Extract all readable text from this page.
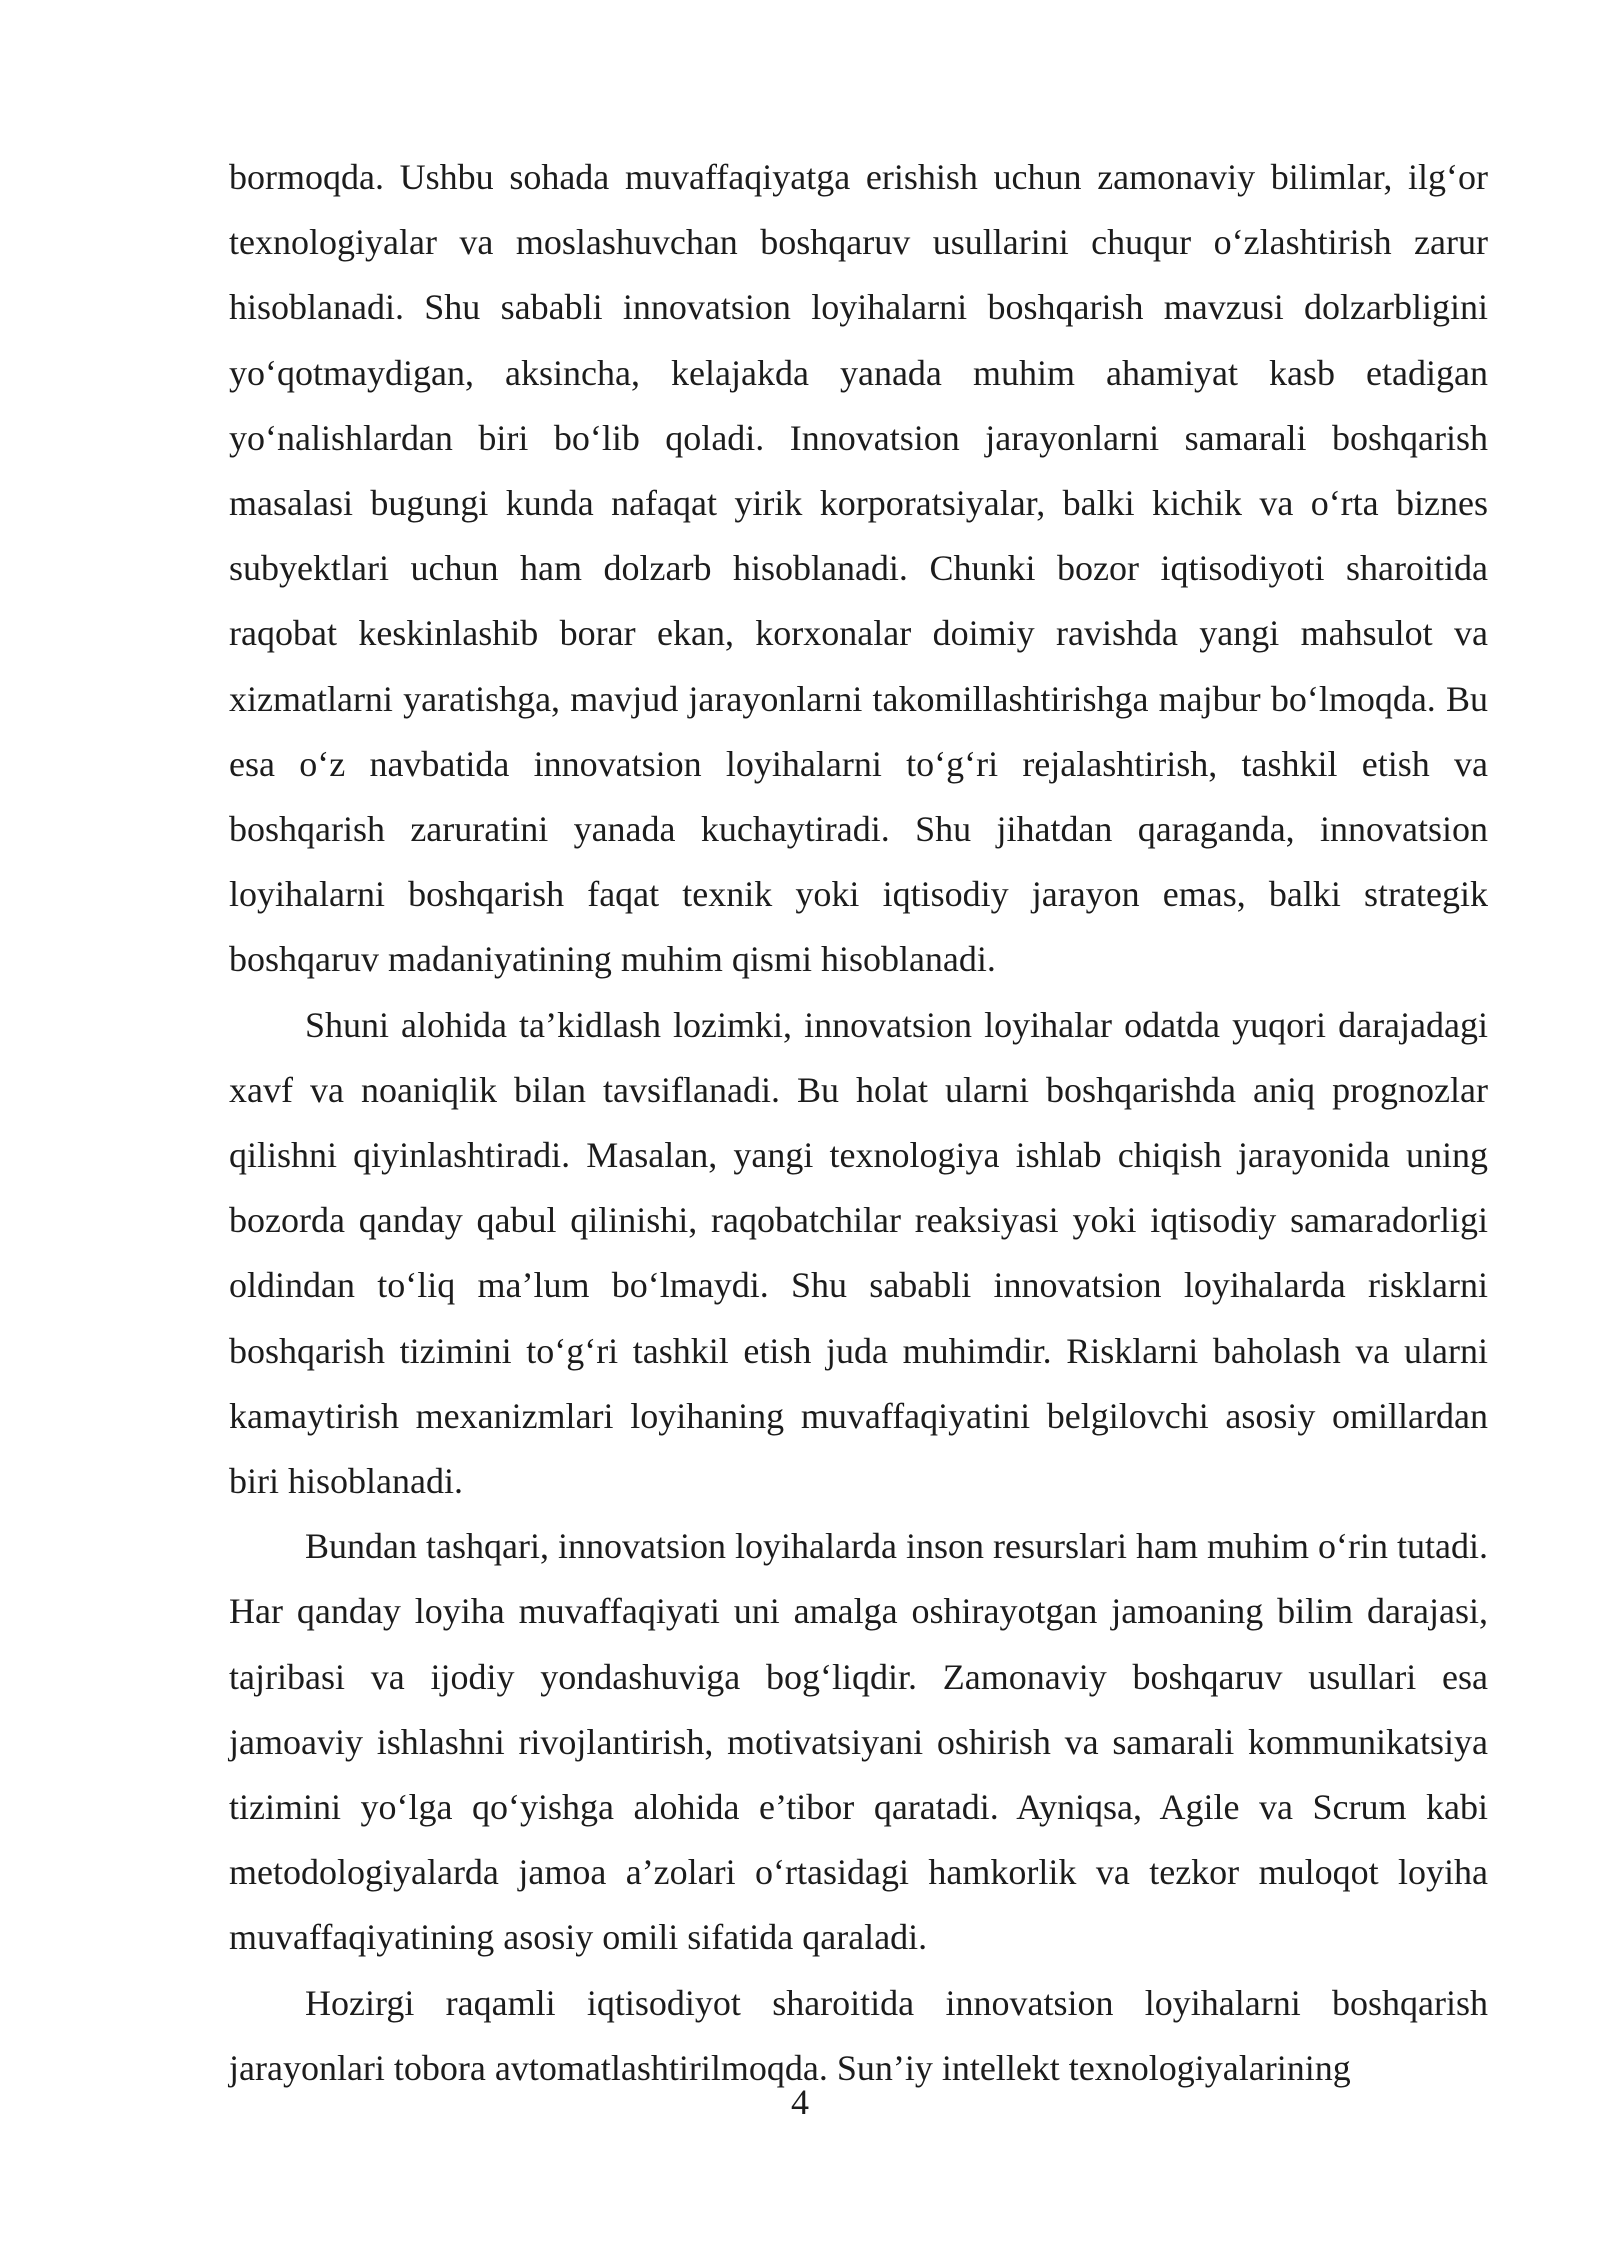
bormoqda. Ushbu sohada muvaffaqiyatga erishish uchun zamonaviy bilimlar, ilg‘or texnologiyalar va moslashuvchan boshqaruv usullarini chuqur o‘zlashtirish zarur hisoblanadi. Shu sababli innovatsion loyihalarni boshqarish mavzusi dolzarbligini yo‘qotmaydigan, aksincha, kelajakda yanada muhim ahamiyat kasb etadigan yo‘nalishlardan biri bo‘lib qoladi. Innovatsion jarayonlarni samarali boshqarish masalasi bugungi kunda nafaqat yirik korporatsiyalar, balki kichik va o‘rta biznes subyektlari uchun ham dolzarb hisoblanadi. Chunki bozor iqtisodiyoti sharoitida raqobat keskinlashib borar ekan, korxonalar doimiy ravishda yangi mahsulot va xizmatlarni yaratishga, mavjud jarayonlarni takomillashtirishga majbur bo‘lmoqda. Bu esa o‘z navbatida innovatsion loyihalarni to‘g‘ri rejalashtirish, tashkil etish va boshqarish zaruratini yanada kuchaytiradi. Shu jihatdan qaraganda, innovatsion loyihalarni boshqarish faqat texnik yoki iqtisodiy jarayon emas, balki strategik boshqaruv madaniyatining muhim qismi hisoblanadi.

Shuni alohida ta’kidlash lozimki, innovatsion loyihalar odatda yuqori darajadagi xavf va noaniqlik bilan tavsiflanadi. Bu holat ularni boshqarishda aniq prognozlar qilishni qiyinlashtiradi. Masalan, yangi texnologiya ishlab chiqish jarayonida uning bozorda qanday qabul qilinishi, raqobatchilar reaksiyasi yoki iqtisodiy samaradorligi oldindan to‘liq ma’lum bo‘lmaydi. Shu sababli innovatsion loyihalarda risklarni boshqarish tizimini to‘g‘ri tashkil etish juda muhimdir. Risklarni baholash va ularni kamaytirish mexanizmlari loyihaning muvaffaqiyatini belgilovchi asosiy omillardan biri hisoblanadi.

Bundan tashqari, innovatsion loyihalarda inson resurslari ham muhim o‘rin tutadi. Har qanday loyiha muvaffaqiyati uni amalga oshirayotgan jamoaning bilim darajasi, tajribasi va ijodiy yondashuviga bog‘liqdir. Zamonaviy boshqaruv usullari esa jamoaviy ishlashni rivojlantirish, motivatsiyani oshirish va samarali kommunikatsiya tizimini yo‘lga qo‘yishga alohida e’tibor qaratadi. Ayniqsa, Agile va Scrum kabi metodologiyalarda jamoa a’zolari o‘rtasidagi hamkorlik va tezkor muloqot loyiha muvaffaqiyatining asosiy omili sifatida qaraladi.

Hozirgi raqamli iqtisodiyot sharoitida innovatsion loyihalarni boshqarish jarayonlari tobora avtomatlashtirilmoqda. Sun’iy intellekt texnologiyalarining

4
